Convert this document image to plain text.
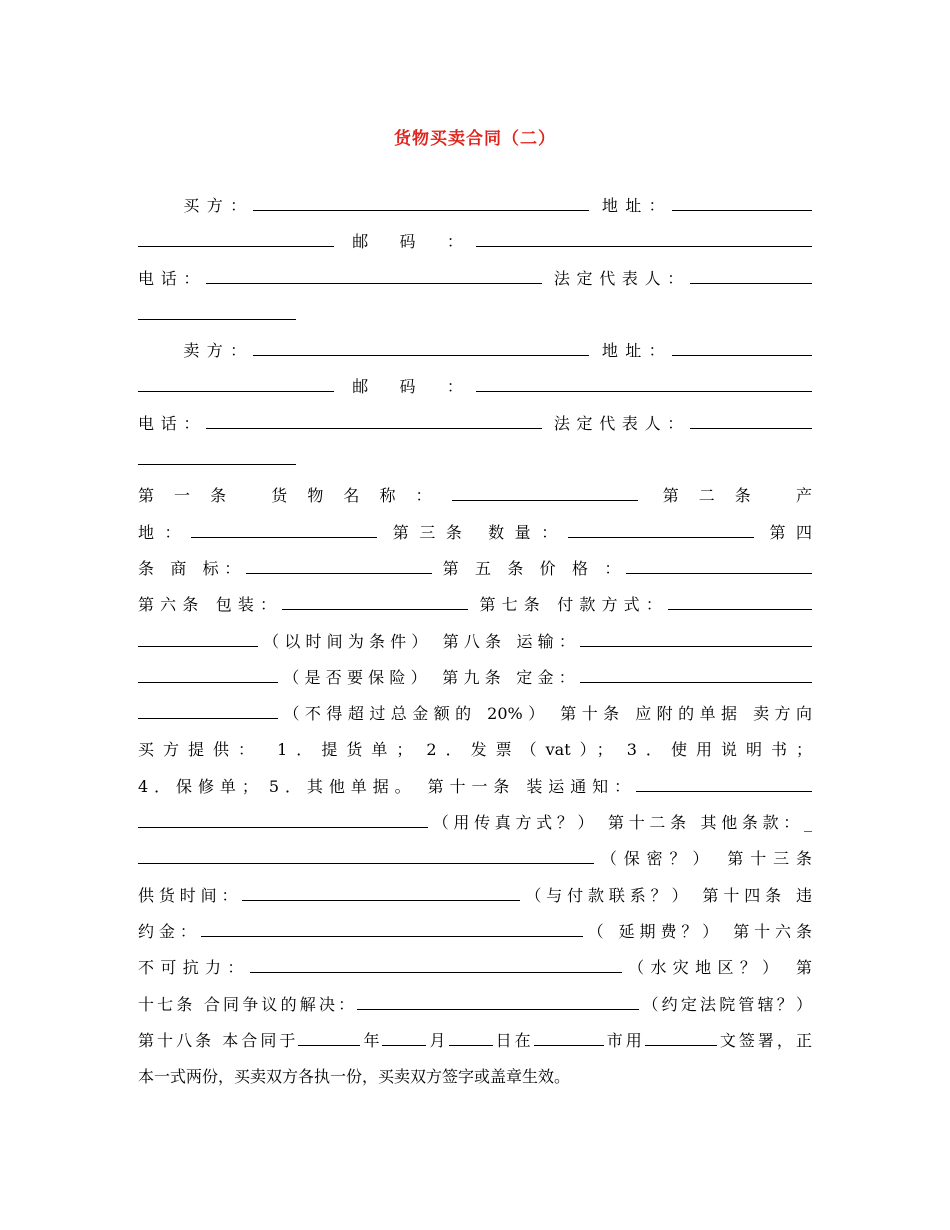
货物买卖合同（二）
买方：	地址：
邮 码 ：
电话：	法定代表人：
卖方：	地址：
邮 码 ：
电话：	法定代表人：
第一条 货物名称：	第二条 产
地：	第三条 数量：	第四
条 商 标：	第 五 条 价 格 ：
第六条 包装：	第七条 付款方式：
（以时间为条件） 第八条 运输：
（是否要保险） 第九条 定金：
（不得超过总金额的 20%） 第十条 应附的单据 卖方向
买方提供： 1．提货单； 2．发票（vat）； 3．使用说明书；
4．保修单； 5．其他单据。 第十一条 装运通知：
（用传真方式？） 第十二条 其他条款：_
（保密？） 第十三条
供货时间：	（与付款联系？） 第十四条 违
约金：	（ 延期费？） 第十六条
不可抗力：	（水灾地区？） 第
十七条 合同争议的解决：	（约定法院管辖？）
第十八条 本合同于	年	月	日在	市用	文签署，正
本一式两份，买卖双方各执一份，买卖双方签字或盖章生效。
